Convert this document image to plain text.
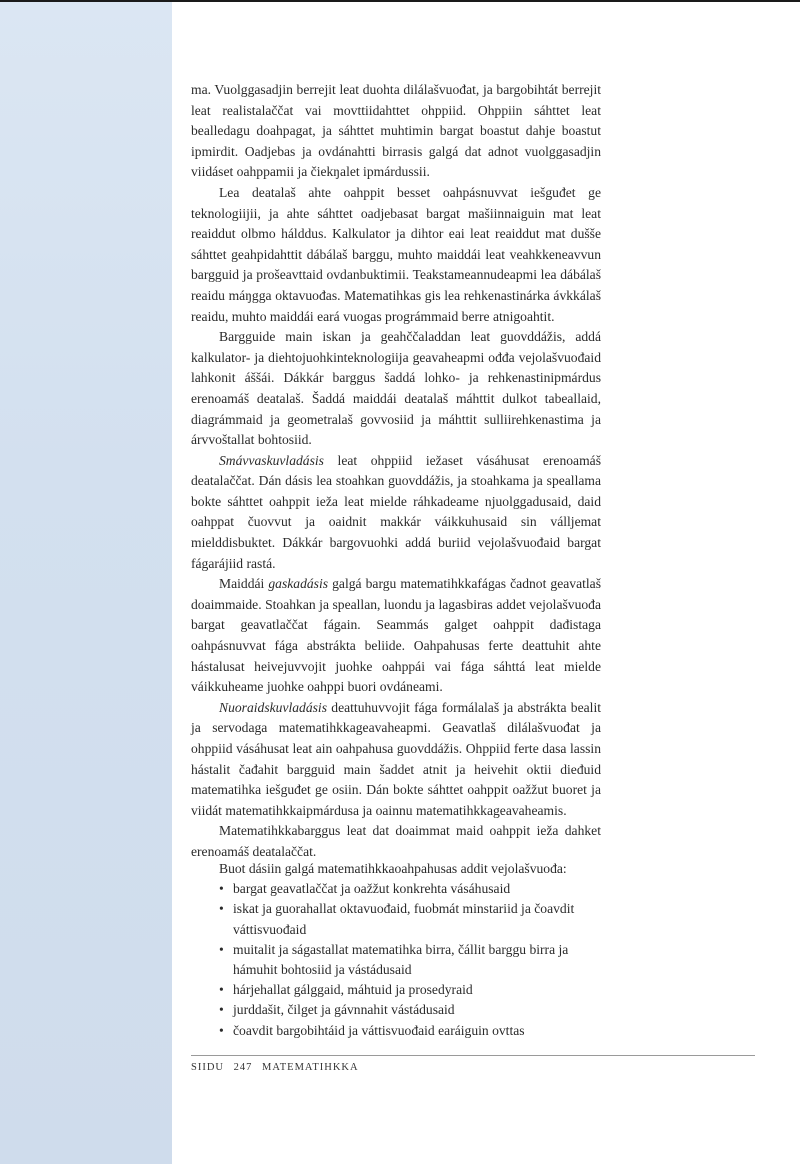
ma. Vuolggasadjin berrejit leat duohta dilálašvuođat, ja bargobihtát berrejit leat realistalaččat vai movttiidahttet ohppiid. Ohppiin sáhttet leat bealledagu doahpagat, ja sáhttet muhtimin bargat boastut dahje boastut ipmirdit. Oadjebas ja ovdánahtti birrasis galgá dat adnot vuolggasadjin viidáset oahppamii ja čiekŋalet ipmárdussii.

Lea deatalaš ahte oahppit besset oahpásnuvvat iešguđet ge teknologiijii, ja ahte sáhttet oadjebasat bargat mašiinnaiguin mat leat reaiddut olbmo hálddus. Kalkulator ja dihtor eai leat reaiddut mat dušše sáhttet geahpidahttit dábálaš barggu, muhto maiddái leat veahkkeneavvun bargguid ja prošeavttaid ovdanbuktimii. Teakstameannudeapmi lea dábálaš reaidu máŋgga oktavuođas. Matematihkas gis lea rehkenastinárka ávkkálaš reaidu, muhto maiddái eará vuogas prográmmaid berre atnigoahtit.

Bargguide main iskan ja geahččaladdan leat guovddážis, addá kalkulator- ja diehtojuohkinteknologiija geavaheapmi ođđa vejolašvuođaid lahkonit áššái. Dákkár barggus šaddá lohko- ja rehkenastinipmárdus erenoamáš deatalaš. Šaddá maiddái deatalaš máhttit dulkot tabeallaid, diagrámmaid ja geometralaš govvosiid ja máhttit sulliirehkenastima ja árvvoštallat bohtosiid.

Smávvaskuvladásis leat ohppiid iežaset vásáhusat erenoamáš deatalaččat. Dán dásis lea stoahkan guovddážis, ja stoahkama ja speallama bokte sáhttet oahppit ieža leat mielde ráhkadeame njuolggadusaid, daid oahppat čuovvut ja oaidnit makkár váikkuhusaid sin válljemat mielddisbuktet. Dákkár bargovuohki addá buriid vejolašvuođaid bargat fágarájiid rastá.

Maiddái gaskadásis galgá bargu matematihkkafágas čadnot geavatlaš doaimmaide. Stoahkan ja speallan, luondu ja lagasbiras addet vejolašvuođa bargat geavatlaččat fágain. Seammás galget oahppit dađistaga oahpásnuvvat fága abstrákta beliide. Oahpahusas ferte deattuhit ahte hástalusat heivejuvvojit juohke oahppái vai fága sáhttá leat mielde váikkuheame juohke oahppi buori ovdáneami.

Nuoraidskuvladásis deattuhuvvojit fága formálalaš ja abstrákta bealit ja servodaga matematihkkageavaheapmi. Geavatlaš dilálašvuođat ja ohppiid vásáhusat leat ain oahpahusa guovddážis. Ohppiid ferte dasa lassin hástalit čađahit bargguid main šaddet atnit ja heivehit oktii dieđuid matematihka iešguđet ge osiin. Dán bokte sáhttet oahppit oažžut buoret ja viidát matematihkkaipmárdusa ja oainnu matematihkkageavaheamis.

Matematihkkabarggus leat dat doaimmat maid oahppit ieža dahket erenoamáš deatalaččat.

Buot dásiin galgá matematihkkaoahpahusas addit vejolašvuođa:

• bargat geavatlaččat ja oažžut konkrehta vásáhusaid
• iskat ja guorahallat oktavuođaid, fuobmát minstariid ja čoavdit váttisvuođaid
• muitalit ja ságastallat matematihka birra, čállit barggu birra ja hámuhit bohtosiid ja vástádusaid
• hárjehallat gálggaid, máhtuid ja prosedyraid
• jurddašit, čilget ja gávnnahit vástádusaid
• čoavdit bargobihtáid ja váttisvuođaid earáiguin ovttas
SIIDU 247 MATEMATIHKKA
